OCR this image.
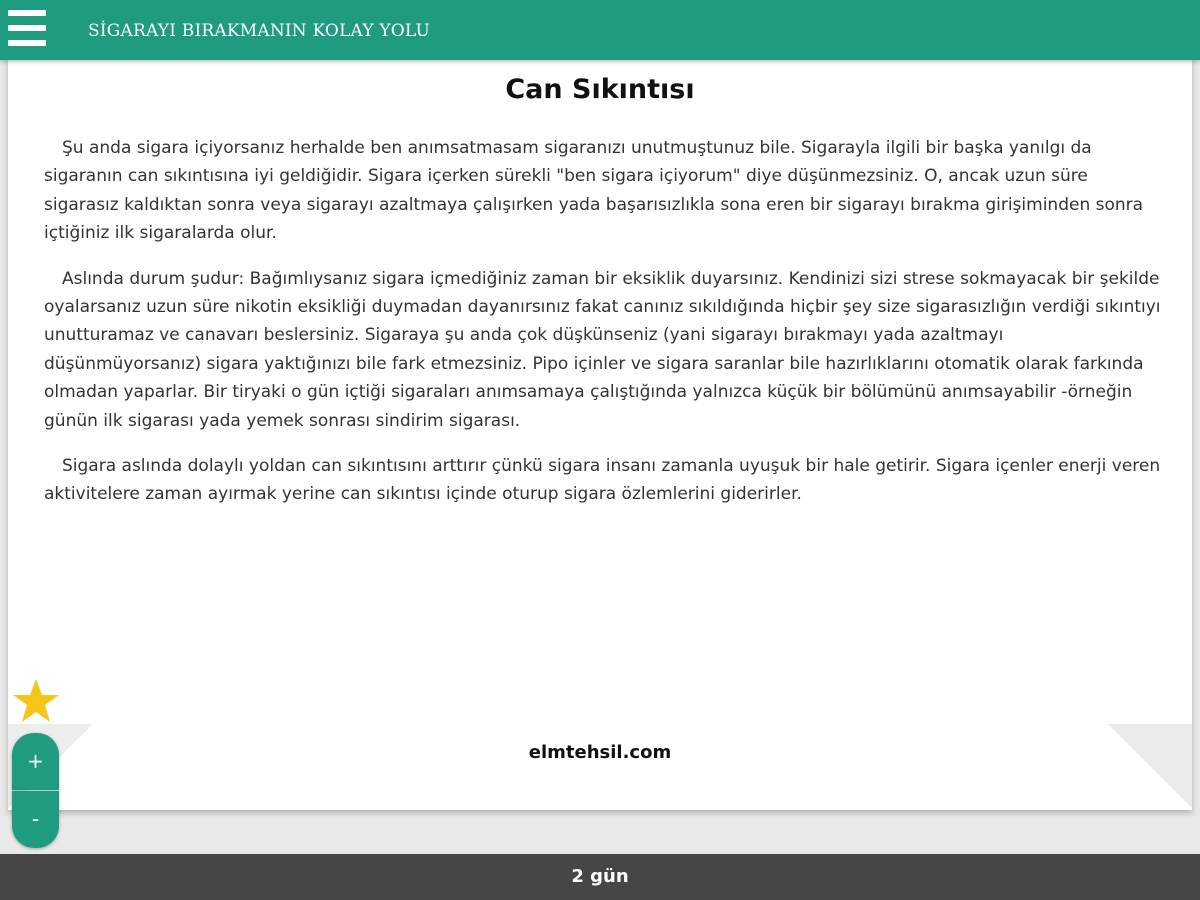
SİGARAYI BIRAKMANIN KOLAY YOLU
Can Sıkıntısı

Şu anda sigara içiyorsanız herhalde ben anımsatmasam sigaranızı unutmuştunuz bile. Sigarayla ilgili bir başka yanılgı da sigaranın can sıkıntısına iyi geldiğidir. Sigara içerken sürekli "ben sigara içiyorum" diye düşünmezsiniz. O, ancak uzun süre sigarasız kaldıktan sonra veya sigarayı azaltmaya çalışırken yada başarısızlıkla sona eren bir sigarayı bırakma girişiminden sonra içtiğiniz ilk sigaralarda olur.

Aslında durum şudur: Bağımlıysanız sigara içmediğiniz zaman bir eksiklik duyarsınız. Kendinizi sizi strese sokmayacak bir şekilde oyalarsanız uzun süre nikotin eksikliği duymadan dayanırsınız fakat canınız sıkıldığında hiçbir şey size sigarasızlığın verdiği sıkıntıyı unutturamaz ve canavarı beslersiniz. Sigaraya şu anda çok düşkünseniz (yani sigarayı bırakmayı yada azaltmayı düşünmüyorsanız) sigara yaktığınızı bile fark etmezsiniz. Pipo içinler ve sigara saranlar bile hazırlıklarını otomatik olarak farkında olmadan yaparlar. Bir tiryaki o gün içtiği sigaraları anımsamaya çalıştığında yalnızca küçük bir bölümünü anımsayabilir -örneğin günün ilk sigarası yada yemek sonrası sindirim sigarası.

Sigara aslında dolaylı yoldan can sıkıntısını arttırır çünkü sigara insanı zamanla uyuşuk bir hale getirir. Sigara içenler enerji veren aktivitelere zaman ayırmak yerine can sıkıntısı içinde oturup sigara özlemlerini giderirler.

elmtehsil.com
+
-
2 gün
